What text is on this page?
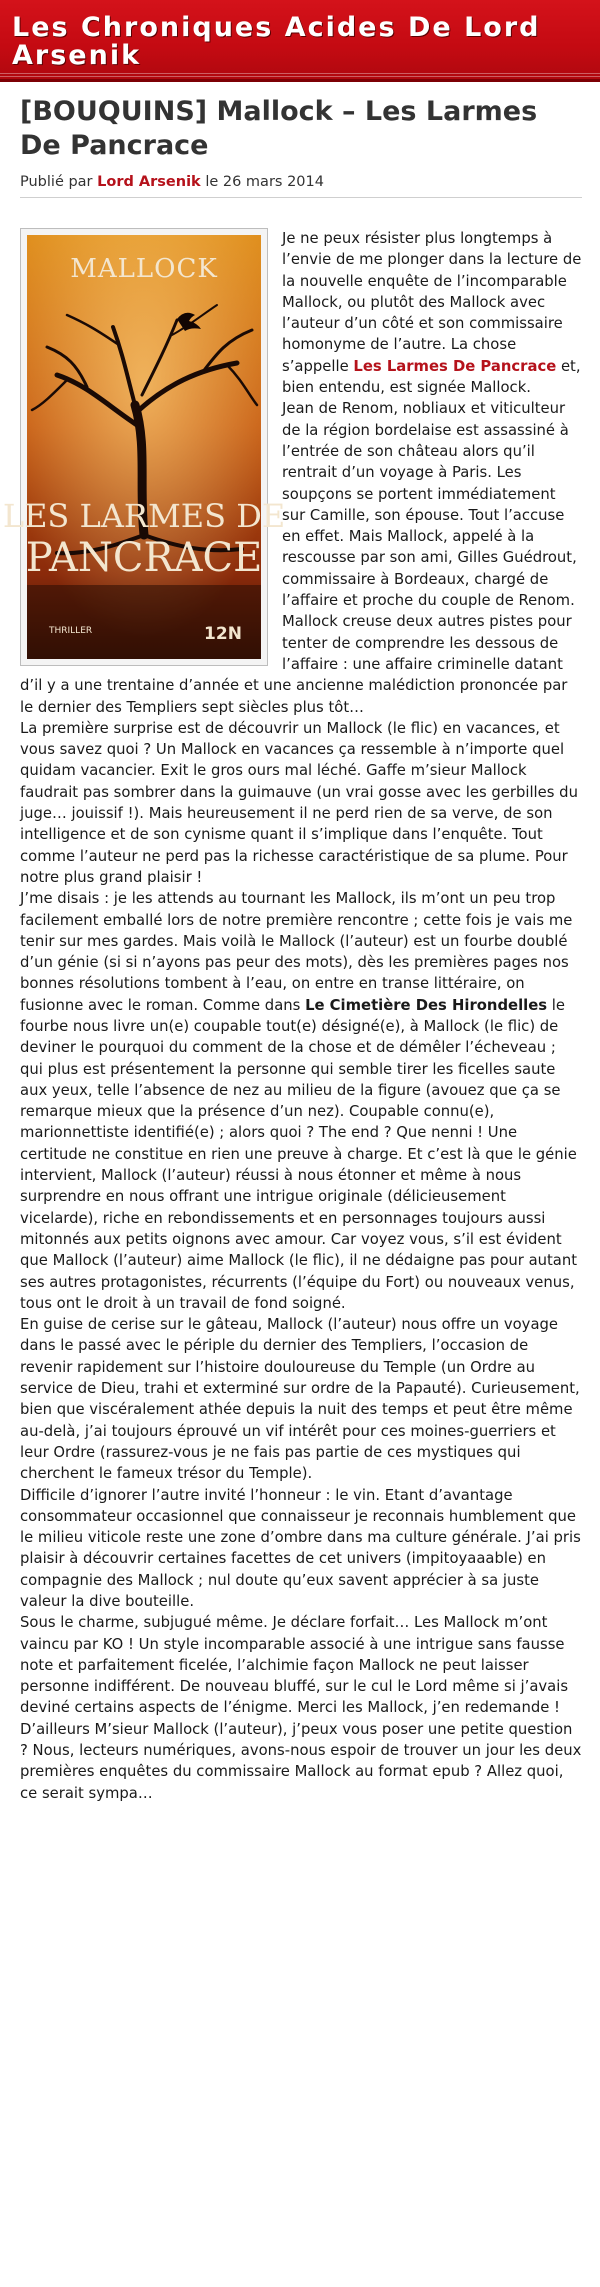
Les Chroniques Acides De Lord Arsenik
[BOUQUINS] Mallock – Les Larmes De Pancrace
Publié par Lord Arsenik le 26 mars 2014
MALLOCK
LES LARMES DE
PANCRACE
THRILLER	12N

Je ne peux résister plus longtemps à l’envie de me plonger dans la lecture de la nouvelle enquête de l’incomparable Mallock, ou plutôt des Mallock avec l’auteur d’un côté et son commissaire homonyme de l’autre. La chose s’appelle Les Larmes De Pancrace et, bien entendu, est signée Mallock.

Jean de Renom, nobliaux et viticulteur de la région bordelaise est assassiné à l’entrée de son château alors qu’il rentrait d’un voyage à Paris. Les soupçons se portent immédiatement sur Camille, son épouse. Tout l’accuse en effet. Mais Mallock, appelé à la rescousse par son ami, Gilles Guédrout, commissaire à Bordeaux, chargé de l’affaire et proche du couple de Renom. Mallock creuse deux autres pistes pour tenter de comprendre les dessous de l’affaire : une affaire criminelle datant d’il y a une trentaine d’année et une ancienne malédiction prononcée par le dernier des Templiers sept siècles plus tôt…

La première surprise est de découvrir un Mallock (le flic) en vacances, et vous savez quoi ? Un Mallock en vacances ça ressemble à n’importe quel quidam vacancier. Exit le gros ours mal léché. Gaffe m’sieur Mallock faudrait pas sombrer dans la guimauve (un vrai gosse avec les gerbilles du juge… jouissif !). Mais heureusement il ne perd rien de sa verve, de son intelligence et de son cynisme quant il s’implique dans l’enquête. Tout comme l’auteur ne perd pas la richesse caractéristique de sa plume. Pour notre plus grand plaisir !

J’me disais : je les attends au tournant les Mallock, ils m’ont un peu trop facilement emballé lors de notre première rencontre ; cette fois je vais me tenir sur mes gardes. Mais voilà le Mallock (l’auteur) est un fourbe doublé d’un génie (si si n’ayons pas peur des mots), dès les premières pages nos bonnes résolutions tombent à l’eau, on entre en transe littéraire, on fusionne avec le roman. Comme dans Le Cimetière Des Hirondelles le fourbe nous livre un(e) coupable tout(e) désigné(e), à Mallock (le flic) de deviner le pourquoi du comment de la chose et de démêler l’écheveau ; qui plus est présentement la personne qui semble tirer les ficelles saute aux yeux, telle l’absence de nez au milieu de la figure (avouez que ça se remarque mieux que la présence d’un nez). Coupable connu(e), marionnettiste identifié(e) ; alors quoi ? The end ? Que nenni ! Une certitude ne constitue en rien une preuve à charge. Et c’est là que le génie intervient, Mallock (l’auteur) réussi à nous étonner et même à nous surprendre en nous offrant une intrigue originale (délicieusement vicelarde), riche en rebondissements et en personnages toujours aussi mitonnés aux petits oignons avec amour. Car voyez vous, s’il est évident que Mallock (l’auteur) aime Mallock (le flic), il ne dédaigne pas pour autant ses autres protagonistes, récurrents (l’équipe du Fort) ou nouveaux venus, tous ont le droit à un travail de fond soigné.

En guise de cerise sur le gâteau, Mallock (l’auteur) nous offre un voyage dans le passé avec le périple du dernier des Templiers, l’occasion de revenir rapidement sur l’histoire douloureuse du Temple (un Ordre au service de Dieu, trahi et exterminé sur ordre de la Papauté). Curieusement, bien que viscéralement athée depuis la nuit des temps et peut être même au-delà, j’ai toujours éprouvé un vif intérêt pour ces moines-guerriers et leur Ordre (rassurez-vous je ne fais pas partie de ces mystiques qui cherchent le fameux trésor du Temple).

Difficile d’ignorer l’autre invité l’honneur : le vin. Etant d’avantage consommateur occasionnel que connaisseur je reconnais humblement que le milieu viticole reste une zone d’ombre dans ma culture générale. J’ai pris plaisir à découvrir certaines facettes de cet univers (impitoyaaable) en compagnie des Mallock ; nul doute qu’eux savent apprécier à sa juste valeur la dive bouteille.

Sous le charme, subjugué même. Je déclare forfait… Les Mallock m’ont vaincu par KO ! Un style incomparable associé à une intrigue sans fausse note et parfaitement ficelée, l’alchimie façon Mallock ne peut laisser personne indifférent. De nouveau bluffé, sur le cul le Lord même si j’avais deviné certains aspects de l’énigme. Merci les Mallock, j’en redemande !

D’ailleurs M’sieur Mallock (l’auteur), j’peux vous poser une petite question ? Nous, lecteurs numériques, avons-nous espoir de trouver un jour les deux premières enquêtes du commissaire Mallock au format epub ? Allez quoi, ce serait sympa…
